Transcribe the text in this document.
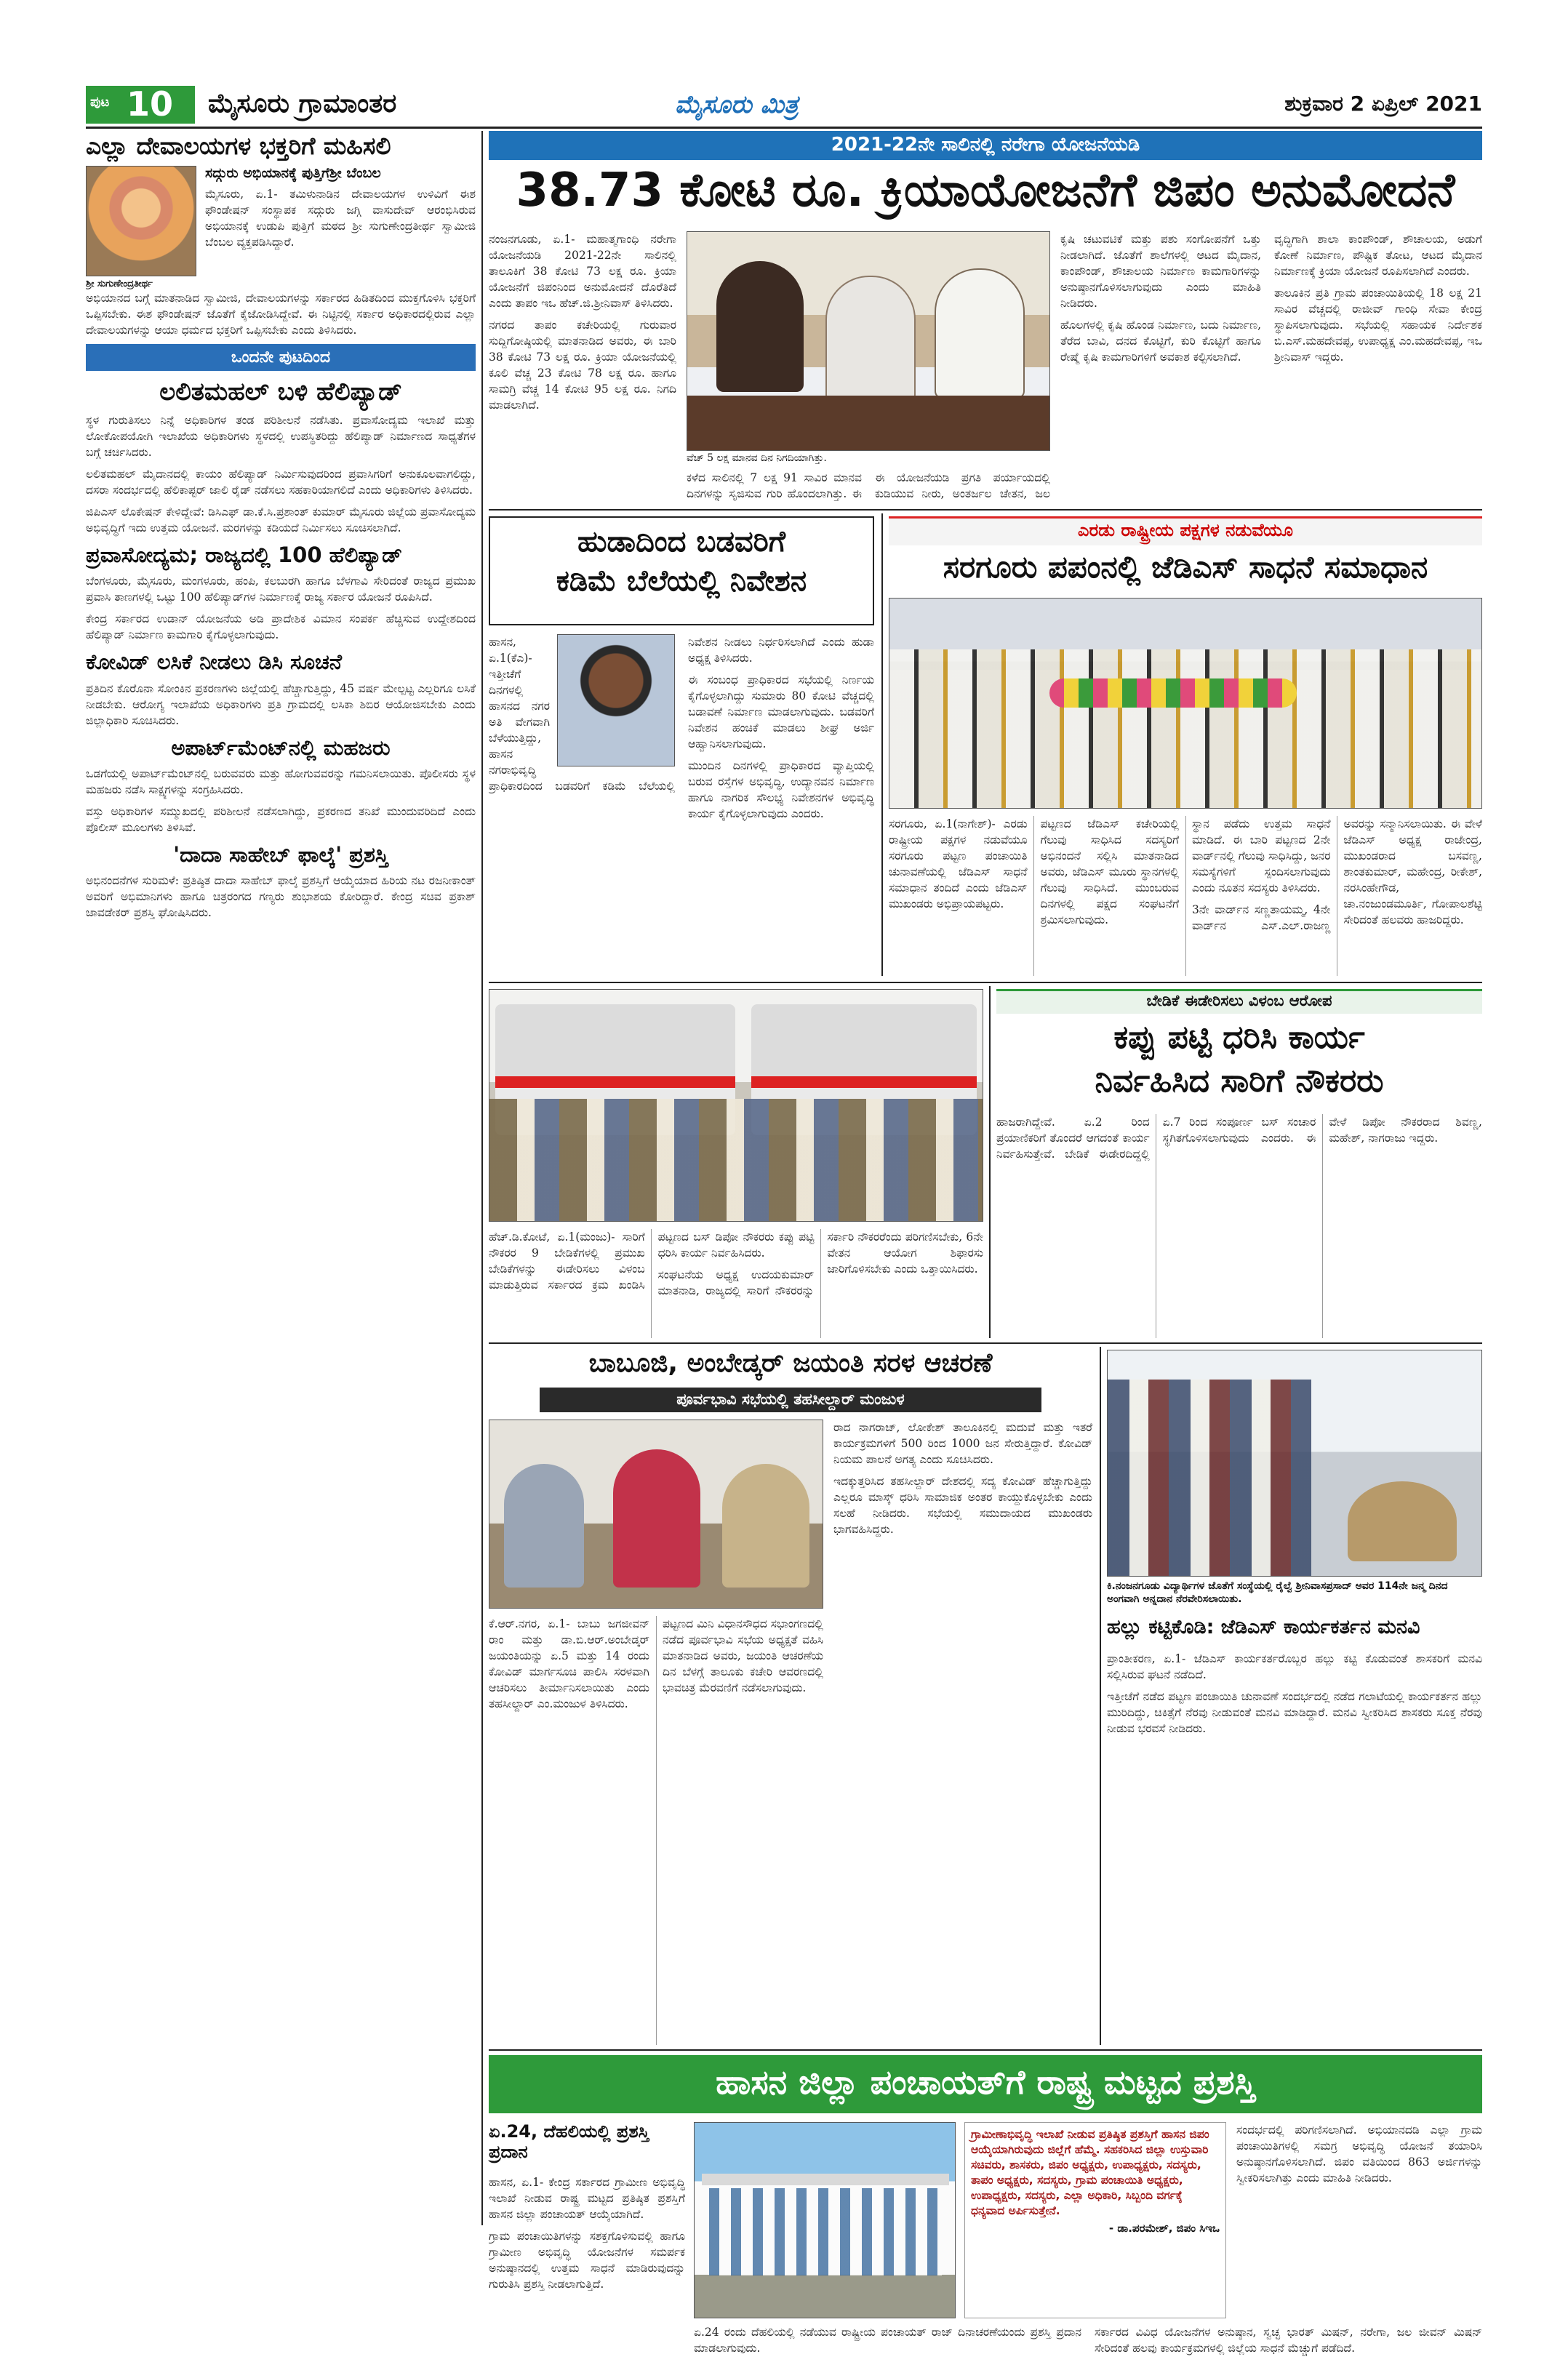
ಪುಟ 10 ಮೈಸೂರು ಗ್ರಾಮಾಂತರ	ಮೈಸೂರು ಮಿತ್ರ	ಶುಕ್ರವಾರ 2 ಏಪ್ರಿಲ್ 2021
ಎಲ್ಲಾ ದೇವಾಲಯಗಳ ಭಕ್ತರಿಗೆ ಮಹಿಸಲಿ
ಶ್ರೀ ಸುಗುಣೇಂದ್ರತೀರ್ಥ
ಸದ್ಗುರು ಅಭಿಯಾನಕ್ಕೆ ಪುತ್ತಿಗೆಶ್ರೀ ಬೆಂಬಲ

ಮೈಸೂರು, ಏ.1- ತಮಿಳುನಾಡಿನ ದೇವಾಲಯಗಳ ಉಳಿವಿಗೆ ಈಶ ಫೌಂಡೇಷನ್ ಸಂಸ್ಥಾಪಕ ಸದ್ಗುರು ಜಗ್ಗಿ ವಾಸುದೇವ್ ಆರಂಭಿಸಿರುವ ಅಭಿಯಾನಕ್ಕೆ ಉಡುಪಿ ಪುತ್ತಿಗೆ ಮಠದ ಶ್ರೀ ಸುಗುಣೇಂದ್ರತೀರ್ಥ ಸ್ವಾಮೀಜಿ ಬೆಂಬಲ ವ್ಯಕ್ತಪಡಿಸಿದ್ದಾರೆ.

ಅಭಿಯಾನದ ಬಗ್ಗೆ ಮಾತನಾಡಿದ ಸ್ವಾಮೀಜಿ, ದೇವಾಲಯಗಳನ್ನು ಸರ್ಕಾರದ ಹಿಡಿತದಿಂದ ಮುಕ್ತಗೊಳಿಸಿ ಭಕ್ತರಿಗೆ ಒಪ್ಪಿಸಬೇಕು. ಈಶ ಫೌಂಡೇಷನ್ ಜೊತೆಗೆ ಕೈಜೋಡಿಸಿದ್ದೇವೆ. ಈ ನಿಟ್ಟಿನಲ್ಲಿ ಸರ್ಕಾರ ಅಧಿಕಾರದಲ್ಲಿರುವ ಎಲ್ಲಾ ದೇವಾಲಯಗಳನ್ನು ಆಯಾ ಧರ್ಮದ ಭಕ್ತರಿಗೆ ಒಪ್ಪಿಸಬೇಕು ಎಂದು ತಿಳಿಸಿದರು.

ಒಂದನೇ ಪುಟದಿಂದ
ಲಲಿತಮಹಲ್ ಬಳಿ ಹೆಲಿಪ್ಯಾಡ್

ಸ್ಥಳ ಗುರುತಿಸಲು ನಿನ್ನೆ ಅಧಿಕಾರಿಗಳ ತಂಡ ಪರಿಶೀಲನೆ ನಡೆಸಿತು. ಪ್ರವಾಸೋದ್ಯಮ ಇಲಾಖೆ ಮತ್ತು ಲೋಕೋಪಯೋಗಿ ಇಲಾಖೆಯ ಅಧಿಕಾರಿಗಳು ಸ್ಥಳದಲ್ಲಿ ಉಪಸ್ಥಿತರಿದ್ದು ಹೆಲಿಪ್ಯಾಡ್ ನಿರ್ಮಾಣದ ಸಾಧ್ಯತೆಗಳ ಬಗ್ಗೆ ಚರ್ಚಿಸಿದರು.

ಲಲಿತಮಹಲ್ ಮೈದಾನದಲ್ಲಿ ಕಾಯಂ ಹೆಲಿಪ್ಯಾಡ್ ನಿರ್ಮಿಸುವುದರಿಂದ ಪ್ರವಾಸಿಗರಿಗೆ ಅನುಕೂಲವಾಗಲಿದ್ದು, ದಸರಾ ಸಂದರ್ಭದಲ್ಲಿ ಹೆಲಿಕಾಪ್ಟರ್ ಜಾಲಿ ರೈಡ್ ನಡೆಸಲು ಸಹಕಾರಿಯಾಗಲಿದೆ ಎಂದು ಅಧಿಕಾರಿಗಳು ತಿಳಿಸಿದರು.

ಜಿಪಿಎಸ್ ಲೊಕೇಷನ್ ಕೇಳಿದ್ದೇವೆ: ಡಿಸಿಎಫ್ ಡಾ.ಕೆ.ಸಿ.ಪ್ರಶಾಂತ್ ಕುಮಾರ್ ಮೈಸೂರು ಜಿಲ್ಲೆಯ ಪ್ರವಾಸೋದ್ಯಮ ಅಭಿವೃದ್ಧಿಗೆ ಇದು ಉತ್ತಮ ಯೋಜನೆ. ಮರಗಳನ್ನು ಕಡಿಯದೆ ನಿರ್ಮಿಸಲು ಸೂಚಿಸಲಾಗಿದೆ.

ಪ್ರವಾಸೋದ್ಯಮ; ರಾಜ್ಯದಲ್ಲಿ 100 ಹೆಲಿಪ್ಯಾಡ್

ಬೆಂಗಳೂರು, ಮೈಸೂರು, ಮಂಗಳೂರು, ಹಂಪಿ, ಕಲಬುರಗಿ ಹಾಗೂ ಬೆಳಗಾವಿ ಸೇರಿದಂತೆ ರಾಜ್ಯದ ಪ್ರಮುಖ ಪ್ರವಾಸಿ ತಾಣಗಳಲ್ಲಿ ಒಟ್ಟು 100 ಹೆಲಿಪ್ಯಾಡ್‌ಗಳ ನಿರ್ಮಾಣಕ್ಕೆ ರಾಜ್ಯ ಸರ್ಕಾರ ಯೋಜನೆ ರೂಪಿಸಿದೆ.

ಕೇಂದ್ರ ಸರ್ಕಾರದ ಉಡಾನ್ ಯೋಜನೆಯ ಅಡಿ ಪ್ರಾದೇಶಿಕ ವಿಮಾನ ಸಂಪರ್ಕ ಹೆಚ್ಚಿಸುವ ಉದ್ದೇಶದಿಂದ ಹೆಲಿಪ್ಯಾಡ್ ನಿರ್ಮಾಣ ಕಾಮಗಾರಿ ಕೈಗೊಳ್ಳಲಾಗುವುದು.

ಕೋವಿಡ್ ಲಸಿಕೆ ನೀಡಲು ಡಿಸಿ ಸೂಚನೆ

ಪ್ರತಿದಿನ ಕೊರೊನಾ ಸೋಂಕಿನ ಪ್ರಕರಣಗಳು ಜಿಲ್ಲೆಯಲ್ಲಿ ಹೆಚ್ಚಾಗುತ್ತಿದ್ದು, 45 ವರ್ಷ ಮೇಲ್ಪಟ್ಟ ಎಲ್ಲರಿಗೂ ಲಸಿಕೆ ನೀಡಬೇಕು. ಆರೋಗ್ಯ ಇಲಾಖೆಯ ಅಧಿಕಾರಿಗಳು ಪ್ರತಿ ಗ್ರಾಮದಲ್ಲಿ ಲಸಿಕಾ ಶಿಬಿರ ಆಯೋಜಿಸಬೇಕು ಎಂದು ಜಿಲ್ಲಾಧಿಕಾರಿ ಸೂಚಿಸಿದರು.

ಅಪಾರ್ಟ್‌ಮೆಂಟ್‌ನಲ್ಲಿ ಮಹಜರು

ಒಡಗೆಯಲ್ಲಿ ಅಪಾರ್ಟ್‌ಮೆಂಟ್‌ನಲ್ಲಿ ಬರುವವರು ಮತ್ತು ಹೋಗುವವರನ್ನು ಗಮನಿಸಲಾಯಿತು. ಪೊಲೀಸರು ಸ್ಥಳ ಮಹಜರು ನಡೆಸಿ ಸಾಕ್ಷ್ಯಗಳನ್ನು ಸಂಗ್ರಹಿಸಿದರು.

ವಸ್ತು ಅಧಿಕಾರಿಗಳ ಸಮ್ಮುಖದಲ್ಲಿ ಪರಿಶೀಲನೆ ನಡೆಸಲಾಗಿದ್ದು, ಪ್ರಕರಣದ ತನಿಖೆ ಮುಂದುವರಿದಿದೆ ಎಂದು ಪೊಲೀಸ್ ಮೂಲಗಳು ತಿಳಿಸಿವೆ.

'ದಾದಾ ಸಾಹೇಬ್ ಫಾಲ್ಕೆ' ಪ್ರಶಸ್ತಿ

ಅಭಿನಂದನೆಗಳ ಸುರಿಮಳೆ: ಪ್ರತಿಷ್ಠಿತ ದಾದಾ ಸಾಹೇಬ್ ಫಾಲ್ಕೆ ಪ್ರಶಸ್ತಿಗೆ ಆಯ್ಕೆಯಾದ ಹಿರಿಯ ನಟ ರಜನೀಕಾಂತ್ ಅವರಿಗೆ ಅಭಿಮಾನಿಗಳು ಹಾಗೂ ಚಿತ್ರರಂಗದ ಗಣ್ಯರು ಶುಭಾಶಯ ಕೋರಿದ್ದಾರೆ. ಕೇಂದ್ರ ಸಚಿವ ಪ್ರಕಾಶ್ ಜಾವಡೇಕರ್ ಪ್ರಶಸ್ತಿ ಘೋಷಿಸಿದರು.

2021-22ನೇ ಸಾಲಿನಲ್ಲಿ ನರೇಗಾ ಯೋಜನೆಯಡಿ
38.73 ಕೋಟಿ ರೂ. ಕ್ರಿಯಾಯೋಜನೆಗೆ ಜಿಪಂ ಅನುಮೋದನೆ

ನಂಜನಗೂಡು, ಏ.1- ಮಹಾತ್ಮಗಾಂಧಿ ನರೇಗಾ ಯೋಜನೆಯಡಿ 2021-22ನೇ ಸಾಲಿನಲ್ಲಿ ತಾಲೂಕಿಗೆ 38 ಕೋಟಿ 73 ಲಕ್ಷ ರೂ. ಕ್ರಿಯಾ ಯೋಜನೆಗೆ ಜಿಪಂನಿಂದ ಅನುಮೋದನೆ ದೊರೆತಿದೆ ಎಂದು ತಾಪಂ ಇಒ ಹೆಚ್.ಜಿ.ಶ್ರೀನಿವಾಸ್ ತಿಳಿಸಿದರು.

ನಗರದ ತಾಪಂ ಕಚೇರಿಯಲ್ಲಿ ಗುರುವಾರ ಸುದ್ದಿಗೋಷ್ಠಿಯಲ್ಲಿ ಮಾತನಾಡಿದ ಅವರು, ಈ ಬಾರಿ 38 ಕೋಟಿ 73 ಲಕ್ಷ ರೂ. ಕ್ರಿಯಾ ಯೋಜನೆಯಲ್ಲಿ ಕೂಲಿ ವೆಚ್ಚ 23 ಕೋಟಿ 78 ಲಕ್ಷ ರೂ. ಹಾಗೂ ಸಾಮಗ್ರಿ ವೆಚ್ಚ 14 ಕೋಟಿ 95 ಲಕ್ಷ ರೂ. ನಿಗದಿ ಮಾಡಲಾಗಿದೆ.

ವೆಚ್ 5 ಲಕ್ಷ ಮಾನವ ದಿನ ನಿಗದಿಯಾಗಿತ್ತು.

ಕಳೆದ ಸಾಲಿನಲ್ಲಿ 7 ಲಕ್ಷ 91 ಸಾವಿರ ಮಾನವ ದಿನಗಳನ್ನು ಸೃಜಿಸುವ ಗುರಿ ಹೊಂದಲಾಗಿತ್ತು. ಈ

ಈ ಯೋಜನೆಯಡಿ ಪ್ರಗತಿ ಪರ್ಯಾಯದಲ್ಲಿ ಕುಡಿಯುವ ನೀರು, ಅಂತರ್ಜಲ ಚೇತನ, ಜಲ

ಕೃಷಿ ಚಟುವಟಿಕೆ ಮತ್ತು ಪಶು ಸಂಗೋಪನೆಗೆ ಒತ್ತು ನೀಡಲಾಗಿದೆ. ಜೊತೆಗೆ ಶಾಲೆಗಳಲ್ಲಿ ಆಟದ ಮೈದಾನ, ಕಾಂಪೌಂಡ್, ಶೌಚಾಲಯ ನಿರ್ಮಾಣ ಕಾಮಗಾರಿಗಳನ್ನು ಅನುಷ್ಠಾನಗೊಳಿಸಲಾಗುವುದು ಎಂದು ಮಾಹಿತಿ ನೀಡಿದರು.

ಹೊಲಗಳಲ್ಲಿ ಕೃಷಿ ಹೊಂಡ ನಿರ್ಮಾಣ, ಬದು ನಿರ್ಮಾಣ, ತೆರೆದ ಬಾವಿ, ದನದ ಕೊಟ್ಟಿಗೆ, ಕುರಿ ಕೊಟ್ಟಿಗೆ ಹಾಗೂ ರೇಷ್ಮೆ ಕೃಷಿ ಕಾಮಗಾರಿಗಳಿಗೆ ಅವಕಾಶ ಕಲ್ಪಿಸಲಾಗಿದೆ.

ವೃದ್ಧಿಗಾಗಿ ಶಾಲಾ ಕಾಂಪೌಂಡ್, ಶೌಚಾಲಯ, ಅಡುಗೆ ಕೋಣೆ ನಿರ್ಮಾಣ, ಪೌಷ್ಟಿಕ ತೋಟ, ಆಟದ ಮೈದಾನ ನಿರ್ಮಾಣಕ್ಕೆ ಕ್ರಿಯಾ ಯೋಜನೆ ರೂಪಿಸಲಾಗಿದೆ ಎಂದರು.

ತಾಲೂಕಿನ ಪ್ರತಿ ಗ್ರಾಮ ಪಂಚಾಯಿತಿಯಲ್ಲಿ 18 ಲಕ್ಷ 21 ಸಾವಿರ ವೆಚ್ಚದಲ್ಲಿ ರಾಜೀವ್ ಗಾಂಧಿ ಸೇವಾ ಕೇಂದ್ರ ಸ್ಥಾಪಿಸಲಾಗುವುದು. ಸಭೆಯಲ್ಲಿ ಸಹಾಯಕ ನಿರ್ದೇಶಕ ಬಿ.ಎಸ್.ಮಹದೇವಪ್ಪ, ಉಪಾಧ್ಯಕ್ಷ ಎಂ.ಮಹದೇವಪ್ಪ, ಇಒ ಶ್ರೀನಿವಾಸ್ ಇದ್ದರು.

ಹುಡಾದಿಂದ ಬಡವರಿಗೆ
ಕಡಿಮೆ ಬೆಲೆಯಲ್ಲಿ ನಿವೇಶನ

ಹಾಸನ, ಏ.1(ಕೆಎ)- ಇತ್ತೀಚೆಗೆ ದಿನಗಳಲ್ಲಿ ಹಾಸನದ ನಗರ ಅತಿ ವೇಗವಾಗಿ ಬೆಳೆಯುತ್ತಿದ್ದು, ಹಾಸನ ನಗರಾಭಿವೃದ್ಧಿ ಪ್ರಾಧಿಕಾರದಿಂದ ಬಡವರಿಗೆ ಕಡಿಮೆ ಬೆಲೆಯಲ್ಲಿ ನಿವೇಶನ ನೀಡಲು ನಿರ್ಧರಿಸಲಾಗಿದೆ ಎಂದು ಹುಡಾ ಅಧ್ಯಕ್ಷ ತಿಳಿಸಿದರು.

ಈ ಸಂಬಂಧ ಪ್ರಾಧಿಕಾರದ ಸಭೆಯಲ್ಲಿ ನಿರ್ಣಯ ಕೈಗೊಳ್ಳಲಾಗಿದ್ದು ಸುಮಾರು 80 ಕೋಟಿ ವೆಚ್ಚದಲ್ಲಿ ಬಡಾವಣೆ ನಿರ್ಮಾಣ ಮಾಡಲಾಗುವುದು. ಬಡವರಿಗೆ ನಿವೇಶನ ಹಂಚಿಕೆ ಮಾಡಲು ಶೀಘ್ರ ಅರ್ಜಿ ಆಹ್ವಾನಿಸಲಾಗುವುದು.

ಮುಂದಿನ ದಿನಗಳಲ್ಲಿ ಪ್ರಾಧಿಕಾರದ ವ್ಯಾಪ್ತಿಯಲ್ಲಿ ಬರುವ ರಸ್ತೆಗಳ ಅಭಿವೃದ್ಧಿ, ಉದ್ಯಾನವನ ನಿರ್ಮಾಣ ಹಾಗೂ ನಾಗರಿಕ ಸೌಲಭ್ಯ ನಿವೇಶನಗಳ ಅಭಿವೃದ್ಧಿ ಕಾರ್ಯ ಕೈಗೊಳ್ಳಲಾಗುವುದು ಎಂದರು.

ಎರಡು ರಾಷ್ಟ್ರೀಯ ಪಕ್ಷಗಳ ನಡುವೆಯೂ
ಸರಗೂರು ಪಪಂನಲ್ಲಿ ಜೆಡಿಎಸ್ ಸಾಧನೆ ಸಮಾಧಾನ

ಸರಗೂರು, ಏ.1(ನಾಗೇಶ್)- ಎರಡು ರಾಷ್ಟ್ರೀಯ ಪಕ್ಷಗಳ ನಡುವೆಯೂ ಸರಗೂರು ಪಟ್ಟಣ ಪಂಚಾಯಿತಿ ಚುನಾವಣೆಯಲ್ಲಿ ಜೆಡಿಎಸ್ ಸಾಧನೆ ಸಮಾಧಾನ ತಂದಿದೆ ಎಂದು ಜೆಡಿಎಸ್ ಮುಖಂಡರು ಅಭಿಪ್ರಾಯಪಟ್ಟರು.

ಪಟ್ಟಣದ ಜೆಡಿಎಸ್ ಕಚೇರಿಯಲ್ಲಿ ಗೆಲುವು ಸಾಧಿಸಿದ ಸದಸ್ಯರಿಗೆ ಅಭಿನಂದನೆ ಸಲ್ಲಿಸಿ ಮಾತನಾಡಿದ ಅವರು, ಜೆಡಿಎಸ್ ಮೂರು ಸ್ಥಾನಗಳಲ್ಲಿ ಗೆಲುವು ಸಾಧಿಸಿದೆ. ಮುಂಬರುವ ದಿನಗಳಲ್ಲಿ ಪಕ್ಷದ ಸಂಘಟನೆಗೆ ಶ್ರಮಿಸಲಾಗುವುದು.

ಸ್ಥಾನ ಪಡೆದು ಉತ್ತಮ ಸಾಧನೆ ಮಾಡಿದೆ. ಈ ಬಾರಿ ಪಟ್ಟಣದ 2ನೇ ವಾರ್ಡ್‌ನಲ್ಲಿ ಗೆಲುವು ಸಾಧಿಸಿದ್ದು, ಜನರ ಸಮಸ್ಯೆಗಳಿಗೆ ಸ್ಪಂದಿಸಲಾಗುವುದು ಎಂದು ನೂತನ ಸದಸ್ಯರು ತಿಳಿಸಿದರು.

3ನೇ ವಾರ್ಡ್‌ನ ಸಣ್ಣತಾಯಮ್ಮ, 4ನೇ ವಾರ್ಡ್‌ನ ಎಸ್.ಎಲ್.ರಾಜಣ್ಣ ಅವರನ್ನು ಸನ್ಮಾನಿಸಲಾಯಿತು. ಈ ವೇಳೆ ಜೆಡಿಎಸ್ ಅಧ್ಯಕ್ಷ ರಾಜೇಂದ್ರ, ಮುಖಂಡರಾದ ಬಸವಣ್ಣ, ಶಾಂತಕುಮಾರ್, ಮಹೇಂದ್ರ, ರೀಕೇಶ್, ನರಸಿಂಹೇಗೌಡ, ಚಾ.ನಂಜುಂಡಮೂರ್ತಿ, ಗೋಪಾಲಶೆಟ್ಟಿ ಸೇರಿದಂತೆ ಹಲವರು ಹಾಜರಿದ್ದರು.

ಹೆಚ್.ಡಿ.ಕೋಟೆ, ಏ.1(ಮಂಜು)- ಸಾರಿಗೆ ನೌಕರರ 9 ಬೇಡಿಕೆಗಳಲ್ಲಿ ಪ್ರಮುಖ ಬೇಡಿಕೆಗಳನ್ನು ಈಡೇರಿಸಲು ವಿಳಂಬ ಮಾಡುತ್ತಿರುವ ಸರ್ಕಾರದ ಕ್ರಮ ಖಂಡಿಸಿ ಪಟ್ಟಣದ ಬಸ್ ಡಿಪೋ ನೌಕರರು ಕಪ್ಪು ಪಟ್ಟಿ ಧರಿಸಿ ಕಾರ್ಯ ನಿರ್ವಹಿಸಿದರು.

ಸಂಘಟನೆಯ ಅಧ್ಯಕ್ಷ ಉದಯಕುಮಾರ್ ಮಾತನಾಡಿ, ರಾಜ್ಯದಲ್ಲಿ ಸಾರಿಗೆ ನೌಕರರನ್ನು ಸರ್ಕಾರಿ ನೌಕರರೆಂದು ಪರಿಗಣಿಸಬೇಕು, 6ನೇ ವೇತನ ಆಯೋಗ ಶಿಫಾರಸು ಜಾರಿಗೊಳಿಸಬೇಕು ಎಂದು ಒತ್ತಾಯಿಸಿದರು.

ಬೇಡಿಕೆ ಈಡೇರಿಸಲು ವಿಳಂಬ ಆರೋಪ
ಕಪ್ಪು ಪಟ್ಟಿ ಧರಿಸಿ ಕಾರ್ಯ
ನಿರ್ವಹಿಸಿದ ಸಾರಿಗೆ ನೌಕರರು

ಹಾಜರಾಗಿದ್ದೇವೆ. ಏ.2 ರಿಂದ ಪ್ರಯಾಣಿಕರಿಗೆ ತೊಂದರೆ ಆಗದಂತೆ ಕಾರ್ಯ ನಿರ್ವಹಿಸುತ್ತೇವೆ. ಬೇಡಿಕೆ ಈಡೇರದಿದ್ದಲ್ಲಿ ಏ.7 ರಿಂದ ಸಂಪೂರ್ಣ ಬಸ್ ಸಂಚಾರ ಸ್ಥಗಿತಗೊಳಿಸಲಾಗುವುದು ಎಂದರು. ಈ ವೇಳೆ ಡಿಪೋ ನೌಕರರಾದ ಶಿವಣ್ಣ, ಮಹೇಶ್, ನಾಗರಾಜು ಇದ್ದರು.

ಬಾಬೂಜಿ, ಅಂಬೇಡ್ಕರ್ ಜಯಂತಿ ಸರಳ ಆಚರಣೆ
ಪೂರ್ವಭಾವಿ ಸಭೆಯಲ್ಲಿ ತಹಸೀಲ್ದಾರ್ ಮಂಜುಳ

ಕೆ.ಆರ್.ನಗರ, ಏ.1- ಬಾಬು ಜಗಜೀವನ್ ರಾಂ ಮತ್ತು ಡಾ.ಬಿ.ಆರ್.ಅಂಬೇಡ್ಕರ್ ಜಯಂತಿಯನ್ನು ಏ.5 ಮತ್ತು 14 ರಂದು ಕೋವಿಡ್ ಮಾರ್ಗಸೂಚಿ ಪಾಲಿಸಿ ಸರಳವಾಗಿ ಆಚರಿಸಲು ತೀರ್ಮಾನಿಸಲಾಯಿತು ಎಂದು ತಹಸೀಲ್ದಾರ್ ಎಂ.ಮಂಜುಳ ತಿಳಿಸಿದರು.

ಪಟ್ಟಣದ ಮಿನಿ ವಿಧಾನಸೌಧದ ಸಭಾಂಗಣದಲ್ಲಿ ನಡೆದ ಪೂರ್ವಭಾವಿ ಸಭೆಯ ಅಧ್ಯಕ್ಷತೆ ವಹಿಸಿ ಮಾತನಾಡಿದ ಅವರು, ಜಯಂತಿ ಆಚರಣೆಯ ದಿನ ಬೆಳಗ್ಗೆ ತಾಲೂಕು ಕಚೇರಿ ಆವರಣದಲ್ಲಿ ಭಾವಚಿತ್ರ ಮೆರವಣಿಗೆ ನಡೆಸಲಾಗುವುದು.

ರಾದ ನಾಗರಾಜ್, ಲೋಕೇಶ್ ತಾಲೂಕಿನಲ್ಲಿ ಮದುವೆ ಮತ್ತು ಇತರೆ ಕಾರ್ಯಕ್ರಮಗಳಿಗೆ 500 ರಿಂದ 1000 ಜನ ಸೇರುತ್ತಿದ್ದಾರೆ. ಕೋವಿಡ್ ನಿಯಮ ಪಾಲನೆ ಅಗತ್ಯ ಎಂದು ಸೂಚಿಸಿದರು.

ಇದಕ್ಕುತ್ತರಿಸಿದ ತಹಸೀಲ್ದಾರ್ ದೇಶದಲ್ಲಿ ಸದ್ಯ ಕೋವಿಡ್ ಹೆಚ್ಚಾಗುತ್ತಿದ್ದು ಎಲ್ಲರೂ ಮಾಸ್ಕ್ ಧರಿಸಿ ಸಾಮಾಜಿಕ ಅಂತರ ಕಾಯ್ದುಕೊಳ್ಳಬೇಕು ಎಂದು ಸಲಹೆ ನೀಡಿದರು. ಸಭೆಯಲ್ಲಿ ಸಮುದಾಯದ ಮುಖಂಡರು ಭಾಗವಹಿಸಿದ್ದರು.

ಕಿ.ನಂಜನಗೂಡು ವಿದ್ಯಾರ್ಥಿಗಳ ಜೊತೆಗೆ ಸಂಸ್ಥೆಯಲ್ಲಿ ರೈಲ್ವೆ ಶ್ರೀನಿವಾಸಪ್ರಸಾದ್ ಅವರ 114ನೇ ಜನ್ಮ ದಿನದ ಅಂಗವಾಗಿ ಅನ್ನದಾನ ನೆರವೇರಿಸಲಾಯಿತು.
ಹಲ್ಲು ಕಟ್ಟಿಕೊಡಿ: ಜೆಡಿಎಸ್ ಕಾರ್ಯಕರ್ತನ ಮನವಿ

ಪ್ರಾಂತೀಕರಣ, ಏ.1- ಜೆಡಿಎಸ್ ಕಾರ್ಯಕರ್ತರೊಬ್ಬರ ಹಲ್ಲು ಕಟ್ಟಿ ಕೊಡುವಂತೆ ಶಾಸಕರಿಗೆ ಮನವಿ ಸಲ್ಲಿಸಿರುವ ಘಟನೆ ನಡೆದಿದೆ.

ಇತ್ತೀಚೆಗೆ ನಡೆದ ಪಟ್ಟಣ ಪಂಚಾಯಿತಿ ಚುನಾವಣೆ ಸಂದರ್ಭದಲ್ಲಿ ನಡೆದ ಗಲಾಟೆಯಲ್ಲಿ ಕಾರ್ಯಕರ್ತನ ಹಲ್ಲು ಮುರಿದಿದ್ದು, ಚಿಕಿತ್ಸೆಗೆ ನೆರವು ನೀಡುವಂತೆ ಮನವಿ ಮಾಡಿದ್ದಾರೆ. ಮನವಿ ಸ್ವೀಕರಿಸಿದ ಶಾಸಕರು ಸೂಕ್ತ ನೆರವು ನೀಡುವ ಭರವಸೆ ನೀಡಿದರು.

ಹಾಸನ ಜಿಲ್ಲಾ ಪಂಚಾಯತ್‌ಗೆ ರಾಷ್ಟ್ರ ಮಟ್ಟದ ಪ್ರಶಸ್ತಿ
ಏ.24, ದೆಹಲಿಯಲ್ಲಿ ಪ್ರಶಸ್ತಿ ಪ್ರದಾನ

ಹಾಸನ, ಏ.1- ಕೇಂದ್ರ ಸರ್ಕಾರದ ಗ್ರಾಮೀಣ ಅಭಿವೃದ್ಧಿ ಇಲಾಖೆ ನೀಡುವ ರಾಷ್ಟ್ರ ಮಟ್ಟದ ಪ್ರತಿಷ್ಠಿತ ಪ್ರಶಸ್ತಿಗೆ ಹಾಸನ ಜಿಲ್ಲಾ ಪಂಚಾಯತ್ ಆಯ್ಕೆಯಾಗಿದೆ.

ಗ್ರಾಮ ಪಂಚಾಯಿತಿಗಳನ್ನು ಸಶಕ್ತಗೊಳಿಸುವಲ್ಲಿ ಹಾಗೂ ಗ್ರಾಮೀಣ ಅಭಿವೃದ್ಧಿ ಯೋಜನೆಗಳ ಸಮರ್ಪಕ ಅನುಷ್ಠಾನದಲ್ಲಿ ಉತ್ತಮ ಸಾಧನೆ ಮಾಡಿರುವುದನ್ನು ಗುರುತಿಸಿ ಪ್ರಶಸ್ತಿ ನೀಡಲಾಗುತ್ತಿದೆ.

ಗ್ರಾಮೀಣಾಭಿವೃದ್ಧಿ ಇಲಾಖೆ ನೀಡುವ ಪ್ರತಿಷ್ಠಿತ ಪ್ರಶಸ್ತಿಗೆ ಹಾಸನ ಜಿಪಂ ಆಯ್ಕೆಯಾಗಿರುವುದು ಜಿಲ್ಲೆಗೆ ಹೆಮ್ಮೆ. ಸಹಕರಿಸಿದ ಜಿಲ್ಲಾ ಉಸ್ತುವಾರಿ ಸಚಿವರು, ಶಾಸಕರು, ಜಿಪಂ ಅಧ್ಯಕ್ಷರು, ಉಪಾಧ್ಯಕ್ಷರು, ಸದಸ್ಯರು, ತಾಪಂ ಅಧ್ಯಕ್ಷರು, ಸದಸ್ಯರು, ಗ್ರಾಮ ಪಂಚಾಯಿತಿ ಅಧ್ಯಕ್ಷರು, ಉಪಾಧ್ಯಕ್ಷರು, ಸದಸ್ಯರು, ಎಲ್ಲಾ ಅಧಿಕಾರಿ, ಸಿಬ್ಬಂದಿ ವರ್ಗಕ್ಕೆ ಧನ್ಯವಾದ ಅರ್ಪಿಸುತ್ತೇನೆ.
- ಡಾ.ಪರಮೇಶ್, ಜಿಪಂ ಸಿಇಒ

ಸಂದರ್ಭದಲ್ಲಿ ಪರಿಗಣಿಸಲಾಗಿದೆ. ಅಭಿಯಾನದಡಿ ಎಲ್ಲಾ ಗ್ರಾಮ ಪಂಚಾಯಿತಿಗಳಲ್ಲಿ ಸಮಗ್ರ ಅಭಿವೃದ್ಧಿ ಯೋಜನೆ ತಯಾರಿಸಿ ಅನುಷ್ಠಾನಗೊಳಿಸಲಾಗಿದೆ. ಜಿಪಂ ವತಿಯಿಂದ 863 ಅರ್ಜಿಗಳನ್ನು ಸ್ವೀಕರಿಸಲಾಗಿತ್ತು ಎಂದು ಮಾಹಿತಿ ನೀಡಿದರು.

ಏ.24 ರಂದು ದೆಹಲಿಯಲ್ಲಿ ನಡೆಯುವ ರಾಷ್ಟ್ರೀಯ ಪಂಚಾಯತ್ ರಾಜ್ ದಿನಾಚರಣೆಯಂದು ಪ್ರಶಸ್ತಿ ಪ್ರದಾನ ಮಾಡಲಾಗುವುದು.

ಸರ್ಕಾರದ ವಿವಿಧ ಯೋಜನೆಗಳ ಅನುಷ್ಠಾನ, ಸ್ವಚ್ಛ ಭಾರತ್ ಮಿಷನ್, ನರೇಗಾ, ಜಲ ಜೀವನ್ ಮಿಷನ್ ಸೇರಿದಂತೆ ಹಲವು ಕಾರ್ಯಕ್ರಮಗಳಲ್ಲಿ ಜಿಲ್ಲೆಯ ಸಾಧನೆ ಮೆಚ್ಚುಗೆ ಪಡೆದಿದೆ.
